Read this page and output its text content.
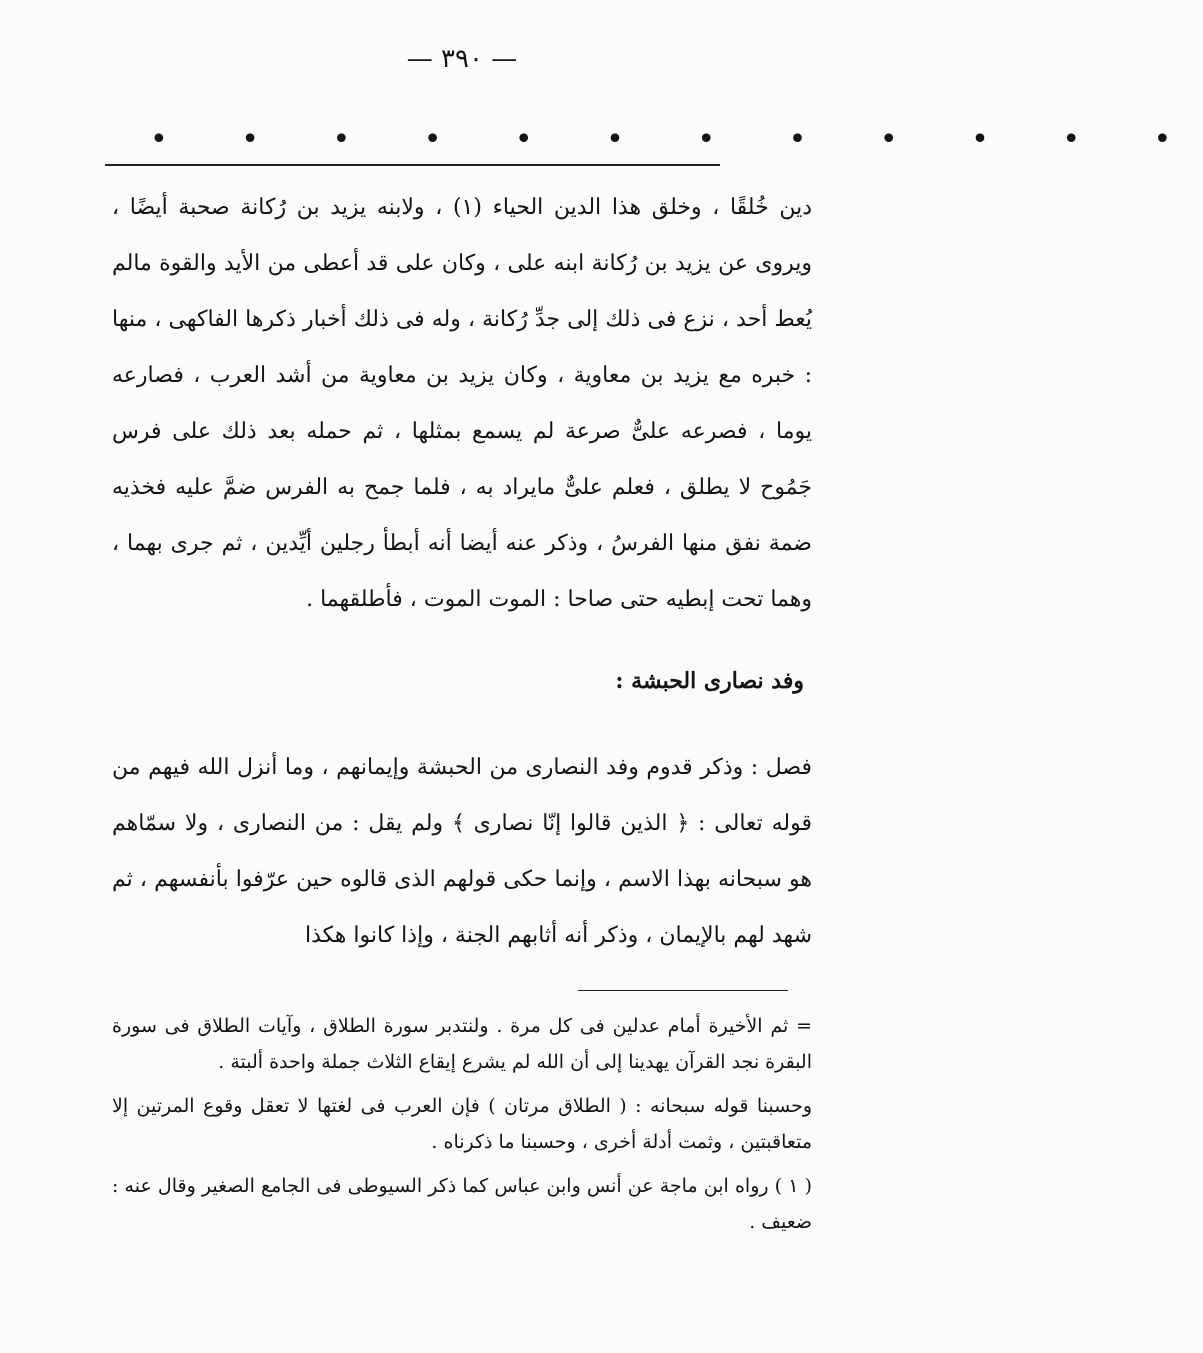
— ٣٩٠ —
• • • • • • • • • • • •
دين خُلقًا ، وخلق هذا الدين الحياء (١) ، ولابنه يزيد بن رُكانة صحبة أيضًا ، ويروى عن يزيد بن رُكانة ابنه على ، وكان على قد أعطى من الأيد والقوة مالم يُعط أحد ، نزع فى ذلك إلى جدِّ رُكانة ، وله فى ذلك أخبار ذكرها الفاكهى ، منها : خبره مع يزيد بن معاوية ، وكان يزيد بن معاوية من أشد العرب ، فصارعه يوما ، فصرعه علىٌّ صرعة لم يسمع بمثلها ، ثم حمله بعد ذلك على فرس جَمُوح لا يطلق ، فعلم علىٌّ مايراد به ، فلما جمح به الفرس ضمَّ عليه فخذيه ضمة نفق منها الفرسُ ، وذكر عنه أيضا أنه أبطأ رجلين أيِّدين ، ثم جرى بهما ، وهما تحت إبطيه حتى صاحا : الموت الموت ، فأطلقهما .
وفد نصارى الحبشة :
فصل : وذكر قدوم وفد النصارى من الحبشة وإيمانهم ، وما أنزل الله فيهم من قوله تعالى : ﴿ الذين قالوا إنّا نصارى ﴾ ولم يقل : من النصارى ، ولا سمّاهم هو سبحانه بهذا الاسم ، وإنما حكى قولهم الذى قالوه حين عرّفوا بأنفسهم ، ثم شهد لهم بالإيمان ، وذكر أنه أثابهم الجنة ، وإذا كانوا هكذا

= ثم الأخيرة أمام عدلين فى كل مرة . ولنتدبر سورة الطلاق ، وآيات الطلاق فى سورة البقرة نجد القرآن يهدينا إلى أن الله لم يشرع إيقاع الثلاث جملة واحدة ألبتة .

وحسبنا قوله سبحانه : ( الطلاق مرتان ) فإن العرب فى لغتها لا تعقل وقوع المرتين إلا متعاقبتين ، وثمت أدلة أخرى ، وحسبنا ما ذكرناه .

( ١ ) رواه ابن ماجة عن أنس وابن عباس كما ذكر السيوطى فى الجامع الصغير وقال عنه : ضعيف .
